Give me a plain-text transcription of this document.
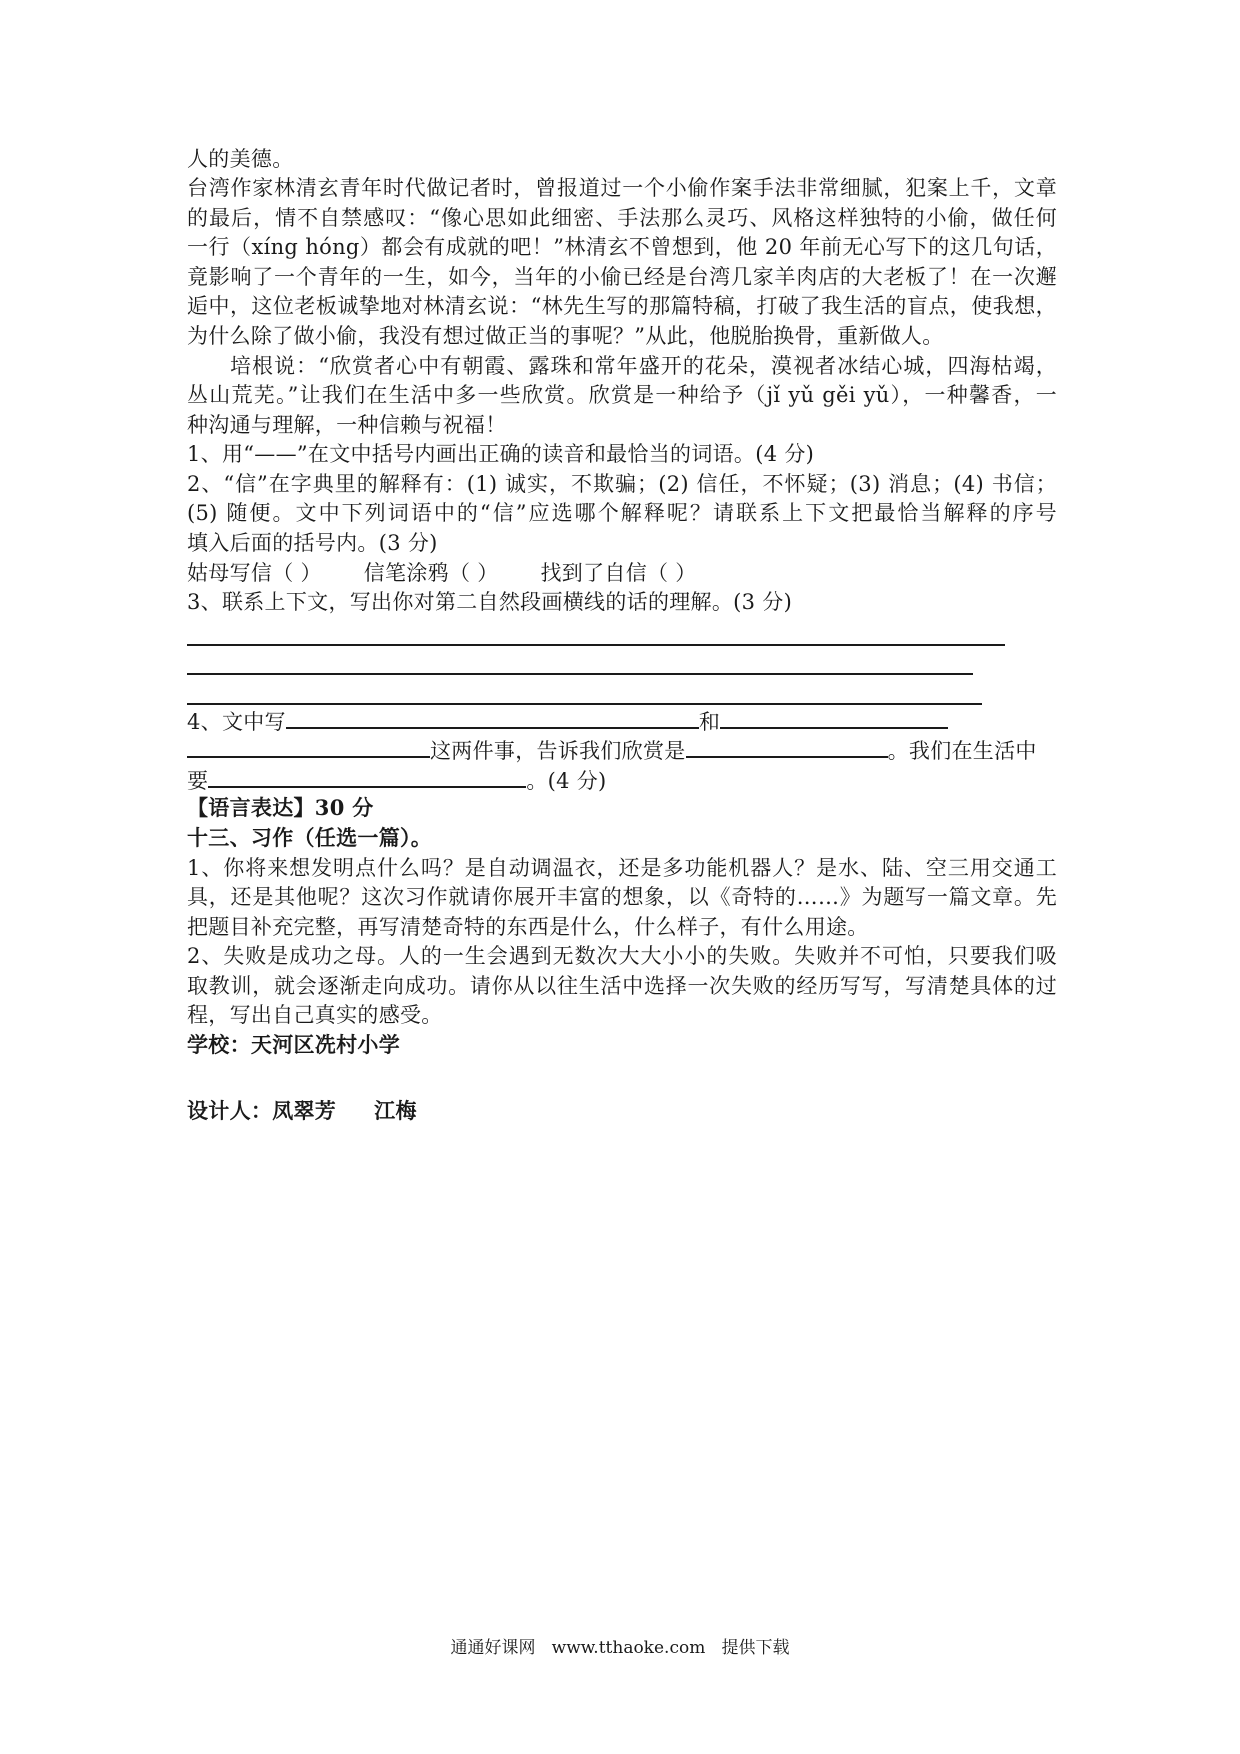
人的美德。
台湾作家林清玄青年时代做记者时，曾报道过一个小偷作案手法非常细腻，犯案上千，文章
的最后，情不自禁感叹：“像心思如此细密、手法那么灵巧、风格这样独特的小偷，做任何
一行（xíng hóng）都会有成就的吧！”林清玄不曾想到，他 20 年前无心写下的这几句话，
竟影响了一个青年的一生，如今，当年的小偷已经是台湾几家羊肉店的大老板了！在一次邂
逅中，这位老板诚挚地对林清玄说：“林先生写的那篇特稿，打破了我生活的盲点，使我想，
为什么除了做小偷，我没有想过做正当的事呢？”从此，他脱胎换骨，重新做人。
培根说：“欣赏者心中有朝霞、露珠和常年盛开的花朵，漠视者冰结心城，四海枯竭，
丛山荒芜。”让我们在生活中多一些欣赏。欣赏是一种给予（jǐ yǔ gěi yǔ），一种馨香，一
种沟通与理解，一种信赖与祝福！
1、用“——”在文中括号内画出正确的读音和最恰当的词语。(4 分)
2、“信”在字典里的解释有：(1) 诚实，不欺骗；(2) 信任，不怀疑；(3) 消息；(4) 书信；
(5) 随便。文中下列词语中的“信”应选哪个解释呢？请联系上下文把最恰当解释的序号
填入后面的括号内。(3 分)
姑母写信（ ） 信笔涂鸦（ ） 找到了自信（ ）
3、联系上下文，写出你对第二自然段画横线的话的理解。(3 分)
4、文中写	和
这两件事，告诉我们欣赏是	。我们在生活中
要	。(4 分)
【语言表达】30 分
十三、习作（任选一篇）。
1、你将来想发明点什么吗？是自动调温衣，还是多功能机器人？是水、陆、空三用交通工
具，还是其他呢？这次习作就请你展开丰富的想象，以《奇特的……》为题写一篇文章。先
把题目补充完整，再写清楚奇特的东西是什么，什么样子，有什么用途。
2、失败是成功之母。人的一生会遇到无数次大大小小的失败。失败并不可怕，只要我们吸
取教训，就会逐渐走向成功。请你从以往生活中选择一次失败的经历写写，写清楚具体的过
程，写出自己真实的感受。
学校：天河区冼村小学
设计人：凤翠芳     江梅
通通好课网   www.tthaoke.com   提供下载
